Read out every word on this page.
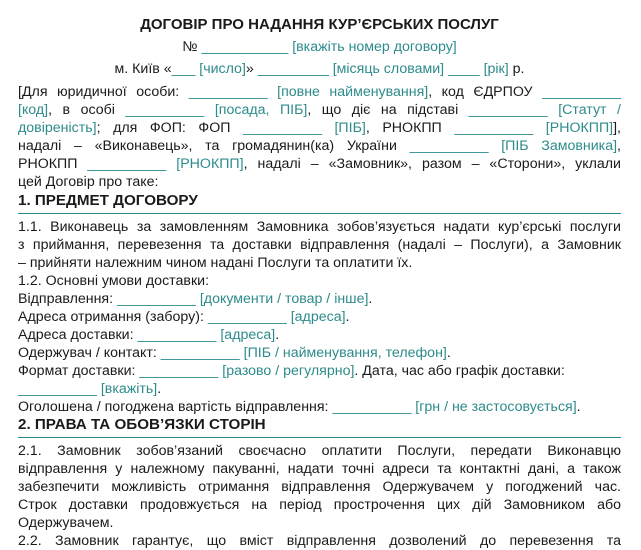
ДОГОВІР ПРО НАДАННЯ КУР’ЄРСЬКИХ ПОСЛУГ
№ ___________ [вкажіть номер договору]
м. Київ «___ [число]» _________ [місяць словами] ____ [рік] р.
[Для юридичної особи: __________ [повне найменування], код ЄДРПОУ __________
[код], в особі __________ [посада, ПІБ], що діє на підставі __________ [Статут /
довіреність]; для ФОП: ФОП __________ [ПІБ], РНОКПП __________ [РНОКПП]],
надалі – «Виконавець», та громадянин(ка) України __________ [ПІБ Замовника],
РНОКПП __________ [РНОКПП], надалі – «Замовник», разом – «Сторони», уклали
цей Договір про таке:
1. ПРЕДМЕТ ДОГОВОРУ
1.1. Виконавець за замовленням Замовника зобов’язується надати кур’єрські послуги
з приймання, перевезення та доставки відправлення (надалі – Послуги), а Замовник
– прийняти належним чином надані Послуги та оплатити їх.
1.2. Основні умови доставки:
Відправлення: __________ [документи / товар / інше].
Адреса отримання (забору): __________ [адреса].
Адреса доставки: __________ [адреса].
Одержувач / контакт: __________ [ПІБ / найменування, телефон].
Формат доставки: __________ [разово / регулярно]. Дата, час або графік доставки:
__________ [вкажіть].
Оголошена / погоджена вартість відправлення: __________ [грн / не застосовується].
2. ПРАВА ТА ОБОВ’ЯЗКИ СТОРІН
2.1. Замовник зобов’язаний своєчасно оплатити Послуги, передати Виконавцю
відправлення у належному пакуванні, надати точні адреси та контактні дані, а також
забезпечити можливість отримання відправлення Одержувачем у погоджений час.
Строк доставки продовжується на період прострочення цих дій Замовником або
Одержувачем.
2.2. Замовник гарантує, що вміст відправлення дозволений до перевезення та
